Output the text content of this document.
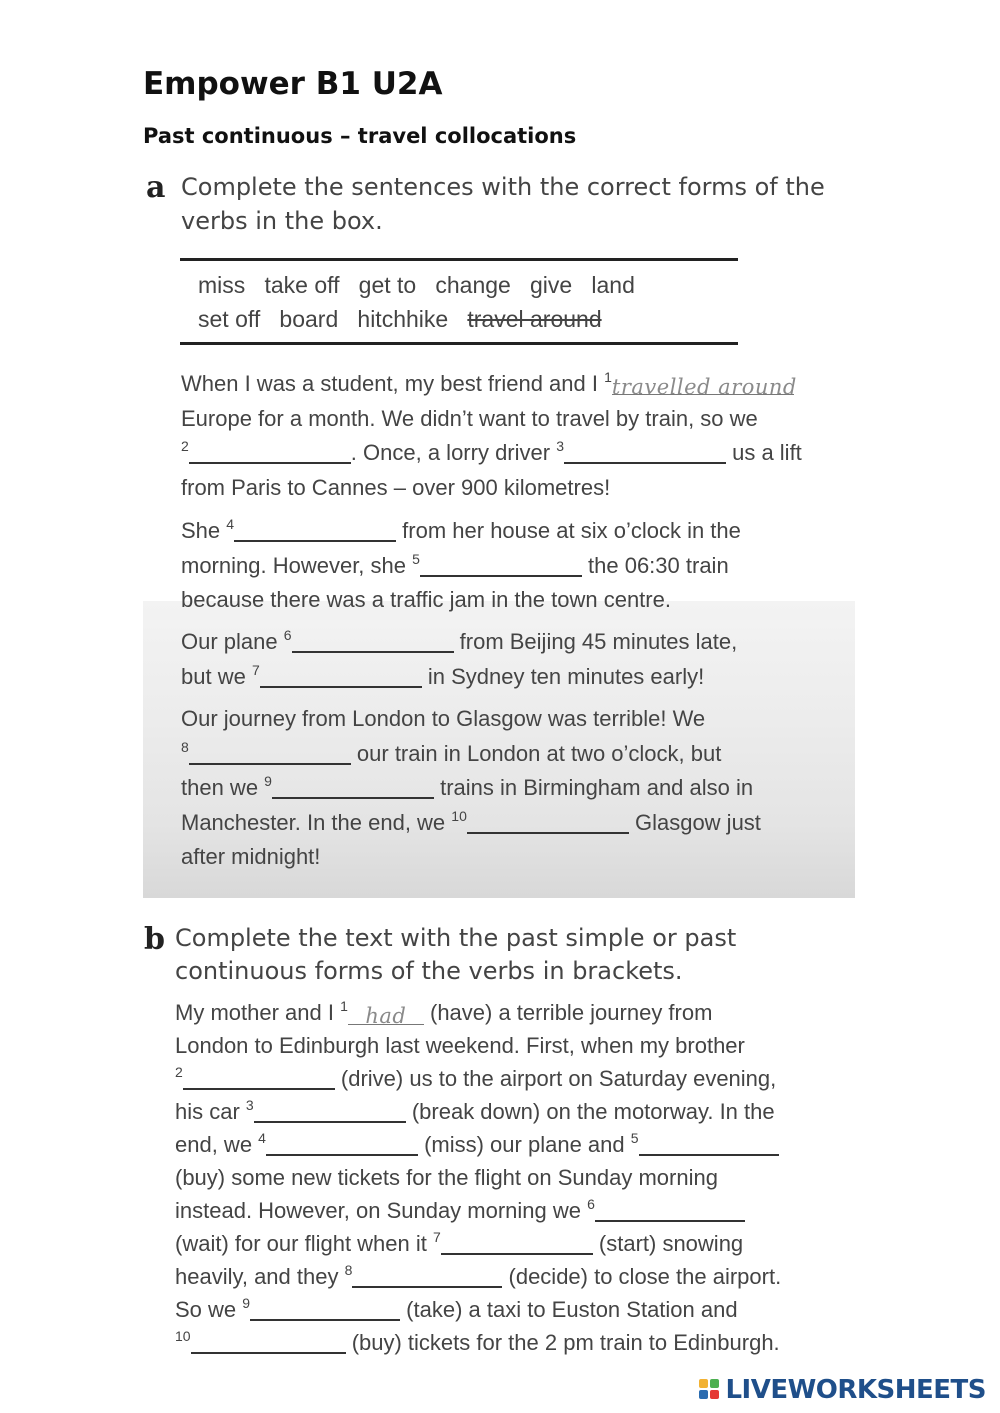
Empower B1 U2A
Past continuous – travel collocations
a Complete the sentences with the correct forms of the
verbs in the box.
miss take off get to change give land
set off board hitchhike travel around
When I was a student, my best friend and I $^1$travelled around
Europe for a month. We didn’t want to travel by train, so we
$^2$	. Once, a lorry driver $^3$	us a lift
from Paris to Cannes – over 900 kilometres!
She $^4$	from her house at six o’clock in the
morning. However, she $^5$	the 06:30 train
because there was a traffic jam in the town centre.
Our plane $^6$	from Beijing 45 minutes late,
but we $^7$	in Sydney ten minutes early!
Our journey from London to Glasgow was terrible! We
$^8$	our train in London at two o’clock, but
then we $^9$	trains in Birmingham and also in
Manchester. In the end, we $^{10}$	Glasgow just
after midnight!
b Complete the text with the past simple or past
continuous forms of the verbs in brackets.
My mother and I $^1$ had (have) a terrible journey from
London to Edinburgh last weekend. First, when my brother
$^2$	(drive) us to the airport on Saturday evening,
his car $^3$	(break down) on the motorway. In the
end, we $^4$	(miss) our plane and $^5$
(buy) some new tickets for the flight on Sunday morning
instead. However, on Sunday morning we $^6$
(wait) for our flight when it $^7$	(start) snowing
heavily, and they $^8$	(decide) to close the airport.
So we $^9$	(take) a taxi to Euston Station and
$^{10}$	(buy) tickets for the 2 pm train to Edinburgh.
LIVEWORKSHEETS
